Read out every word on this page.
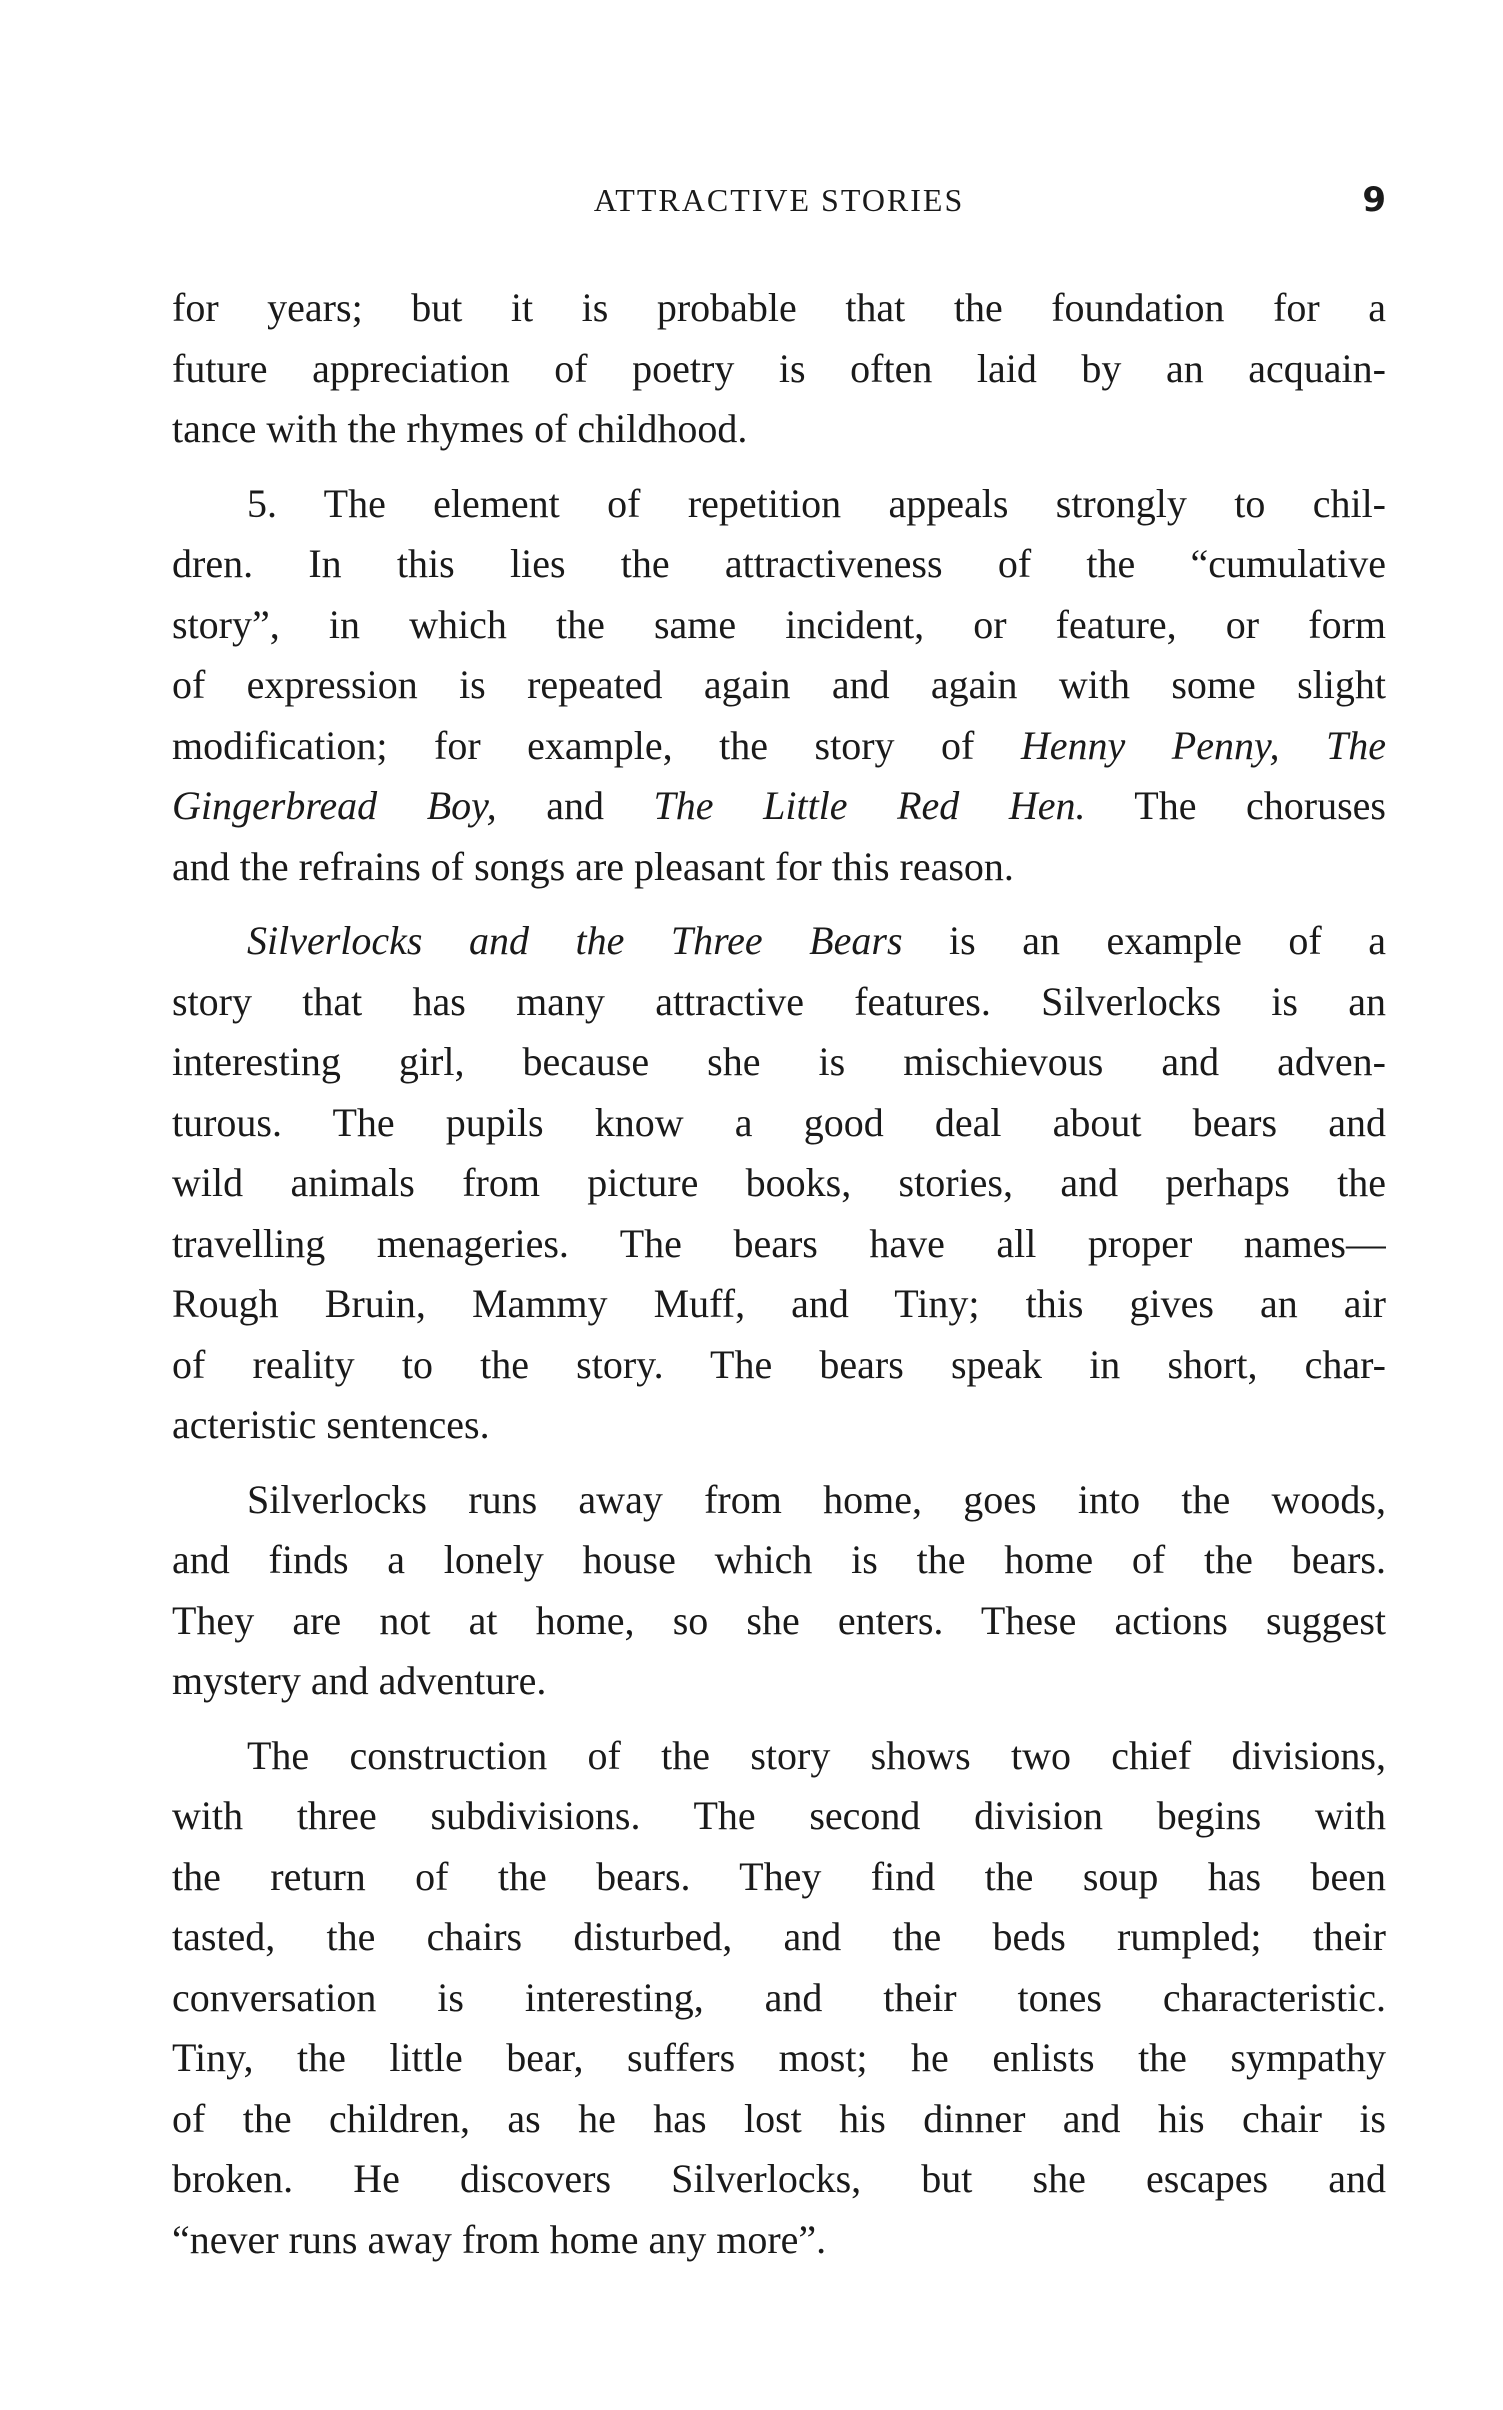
ATTRACTIVE STORIES	9
for years; but it is probable that the foundation for a
future appreciation of poetry is often laid by an acquain-
tance with the rhymes of childhood.
5. The element of repetition appeals strongly to chil-
dren. In this lies the attractiveness of the “cumulative
story”, in which the same incident, or feature, or form
of expression is repeated again and again with some slight
modification; for example, the story of Henny Penny, The
Gingerbread Boy, and The Little Red Hen. The choruses
and the refrains of songs are pleasant for this reason.
Silverlocks and the Three Bears is an example of a
story that has many attractive features. Silverlocks is an
interesting girl, because she is mischievous and adven-
turous. The pupils know a good deal about bears and
wild animals from picture books, stories, and perhaps the
travelling menageries. The bears have all proper names—
Rough Bruin, Mammy Muff, and Tiny; this gives an air
of reality to the story. The bears speak in short, char-
acteristic sentences.
Silverlocks runs away from home, goes into the woods,
and finds a lonely house which is the home of the bears.
They are not at home, so she enters. These actions suggest
mystery and adventure.
The construction of the story shows two chief divisions,
with three subdivisions. The second division begins with
the return of the bears. They find the soup has been
tasted, the chairs disturbed, and the beds rumpled; their
conversation is interesting, and their tones characteristic.
Tiny, the little bear, suffers most; he enlists the sympathy
of the children, as he has lost his dinner and his chair is
broken. He discovers Silverlocks, but she escapes and
“never runs away from home any more”.
